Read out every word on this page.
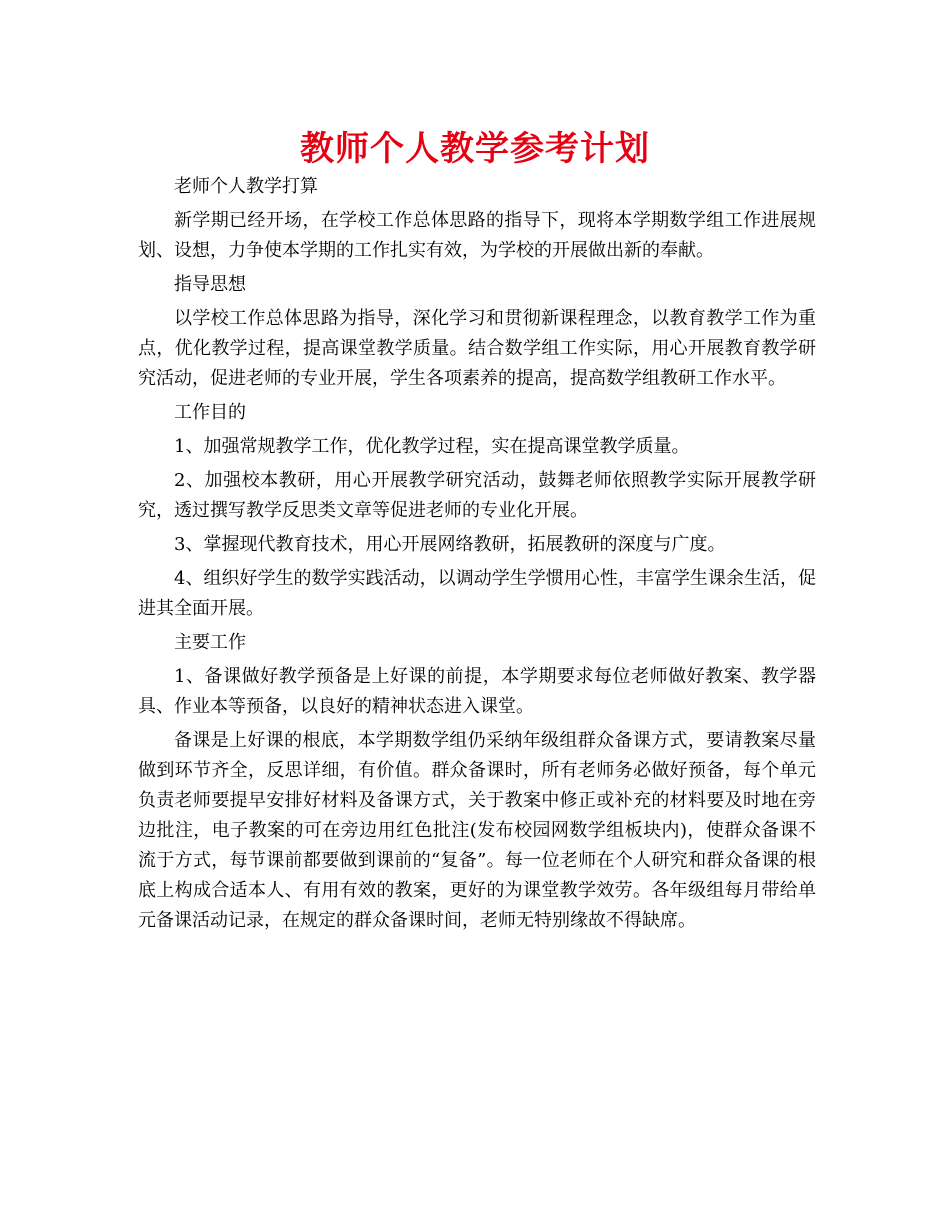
教师个人教学参考计划

老师个人教学打算

新学期已经开场，在学校工作总体思路的指导下，现将本学期数学组工作进展规划、设想，力争使本学期的工作扎实有效，为学校的开展做出新的奉献。

指导思想

以学校工作总体思路为指导，深化学习和贯彻新课程理念，以教育教学工作为重点，优化教学过程，提高课堂教学质量。结合数学组工作实际，用心开展教育教学研究活动，促进老师的专业开展，学生各项素养的提高，提高数学组教研工作水平。

工作目的

1、加强常规教学工作，优化教学过程，实在提高课堂教学质量。

2、加强校本教研，用心开展教学研究活动，鼓舞老师依照教学实际开展教学研究，透过撰写教学反思类文章等促进老师的专业化开展。

3、掌握现代教育技术，用心开展网络教研，拓展教研的深度与广度。

4、组织好学生的数学实践活动，以调动学生学惯用心性，丰富学生课余生活，促进其全面开展。

主要工作

1、备课做好教学预备是上好课的前提，本学期要求每位老师做好教案、教学器具、作业本等预备，以良好的精神状态进入课堂。

备课是上好课的根底，本学期数学组仍采纳年级组群众备课方式，要请教案尽量做到环节齐全，反思详细，有价值。群众备课时，所有老师务必做好预备，每个单元负责老师要提早安排好材料及备课方式，关于教案中修正或补充的材料要及时地在旁边批注，电子教案的可在旁边用红色批注(发布校园网数学组板块内)，使群众备课不流于方式，每节课前都要做到课前的“复备”。每一位老师在个人研究和群众备课的根底上构成合适本人、有用有效的教案，更好的为课堂教学效劳。各年级组每月带给单元备课活动记录，在规定的群众备课时间，老师无特别缘故不得缺席。
